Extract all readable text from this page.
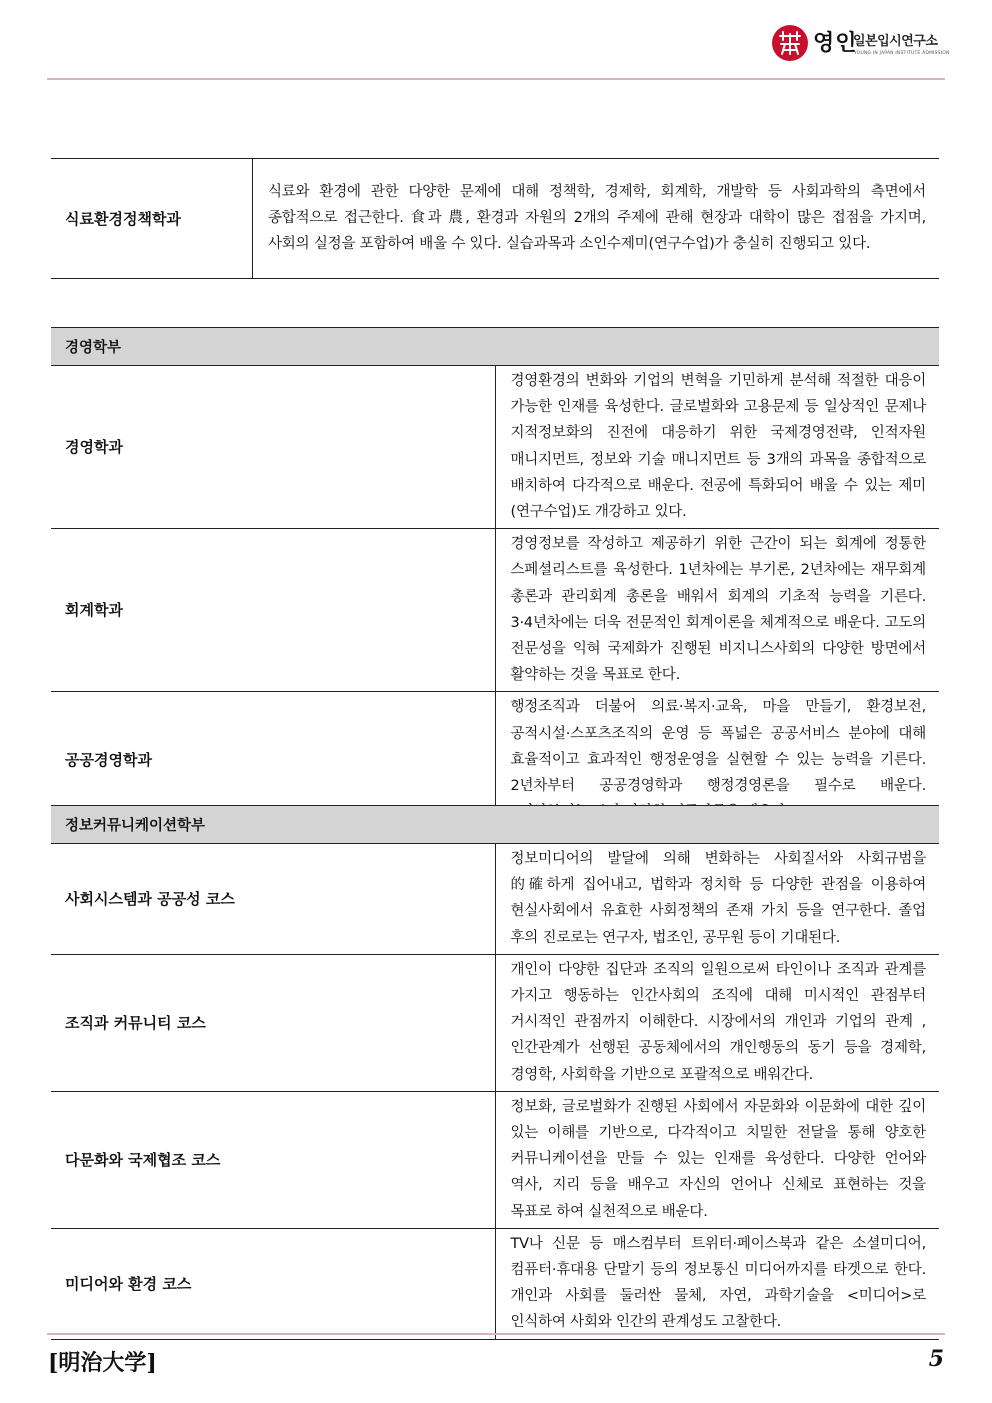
영인
일본입시연구소
YOUNG IN JAPAN INSTITUTE ADMISSION
식료환경정책학과	식료와 환경에 관한 다양한 문제에 대해 정책학, 경제학, 회계학, 개발학 등 사회과학의 측면에서 종합적으로 접근한다. 食과 農, 환경과 자원의 2개의 주제에 관해 현장과 대학이 많은 접점을 가지며, 사회의 실정을 포함하여 배울 수 있다. 실습과목과 소인수제미(연구수업)가 충실히 진행되고 있다.
경영학부	
경영학과	경영환경의 변화와 기업의 변혁을 기민하게 분석해 적절한 대응이 가능한 인재를 육성한다. 글로벌화와 고용문제 등 일상적인 문제나 지적정보화의 진전에 대응하기 위한 국제경영전략, 인적자원 매니지먼트, 정보와 기술 매니지먼트 등 3개의 과목을 종합적으로 배치하여 다각적으로 배운다. 전공에 특화되어 배울 수 있는 제미(연구수업)도 개강하고 있다.
회계학과	경영정보를 작성하고 제공하기 위한 근간이 되는 회계에 정통한 스페셜리스트를 육성한다. 1년차에는 부기론, 2년차에는 재무회계 총론과 관리회계 총론을 배워서 회계의 기초적 능력을 기른다. 3·4년차에는 더욱 전문적인 회계이론을 체계적으로 배운다. 고도의 전문성을 익혀 국제화가 진행된 비지니스사회의 다양한 방면에서 활약하는 것을 목표로 한다.
공공경영학과	행정조직과 더불어 의료·복지·교육, 마을 만들기, 환경보전, 공적시설·스포츠조직의 운영 등 폭넓은 공공서비스 분야에 대해 효율적이고 효과적인 행정운영을 실현할 수 있는 능력을 기른다. 2년차부터 공공경영학과 행정경영론을 필수로 배운다.
정보커뮤니케이션학부	
사회시스템과 공공성 코스	정보미디어의 발달에 의해 변화하는 사회질서와 사회규범을 的確하게 집어내고, 법학과 정치학 등 다양한 관점을 이용하여 현실사회에서 유효한 사회정책의 존재 가치 등을 연구한다. 졸업 후의 진로로는 연구자, 법조인, 공무원 등이 기대된다.
조직과 커뮤니티 코스	개인이 다양한 집단과 조직의 일원으로써 타인이나 조직과 관계를 가지고 행동하는 인간사회의 조직에 대해 미시적인 관점부터 거시적인 관점까지 이해한다. 시장에서의 개인과 기업의 관계 , 인간관계가 선행된 공동체에서의 개인행동의 동기 등을 경제학, 경영학, 사회학을 기반으로 포괄적으로 배워간다.
다문화와 국제협조 코스	정보화, 글로벌화가 진행된 사회에서 자문화와 이문화에 대한 깊이 있는 이해를 기반으로, 다각적이고 치밀한 전달을 통해 양호한 커뮤니케이션을 만들 수 있는 인재를 육성한다. 다양한 언어와 역사, 지리 등을 배우고 자신의 언어나 신체로 표현하는 것을 목표로 하여 실천적으로 배운다.
미디어와 환경 코스	TV나 신문 등 매스컴부터 트위터·페이스북과 같은 소셜미디어, 컴퓨터·휴대용 단말기 등의 정보통신 미디어까지를 타겟으로 한다. 개인과 사회를 둘러싼 물체, 자연, 과학기술을 <미디어>로 인식하여 사회와 인간의 관계성도 고찰한다.
[明治大学]	5
